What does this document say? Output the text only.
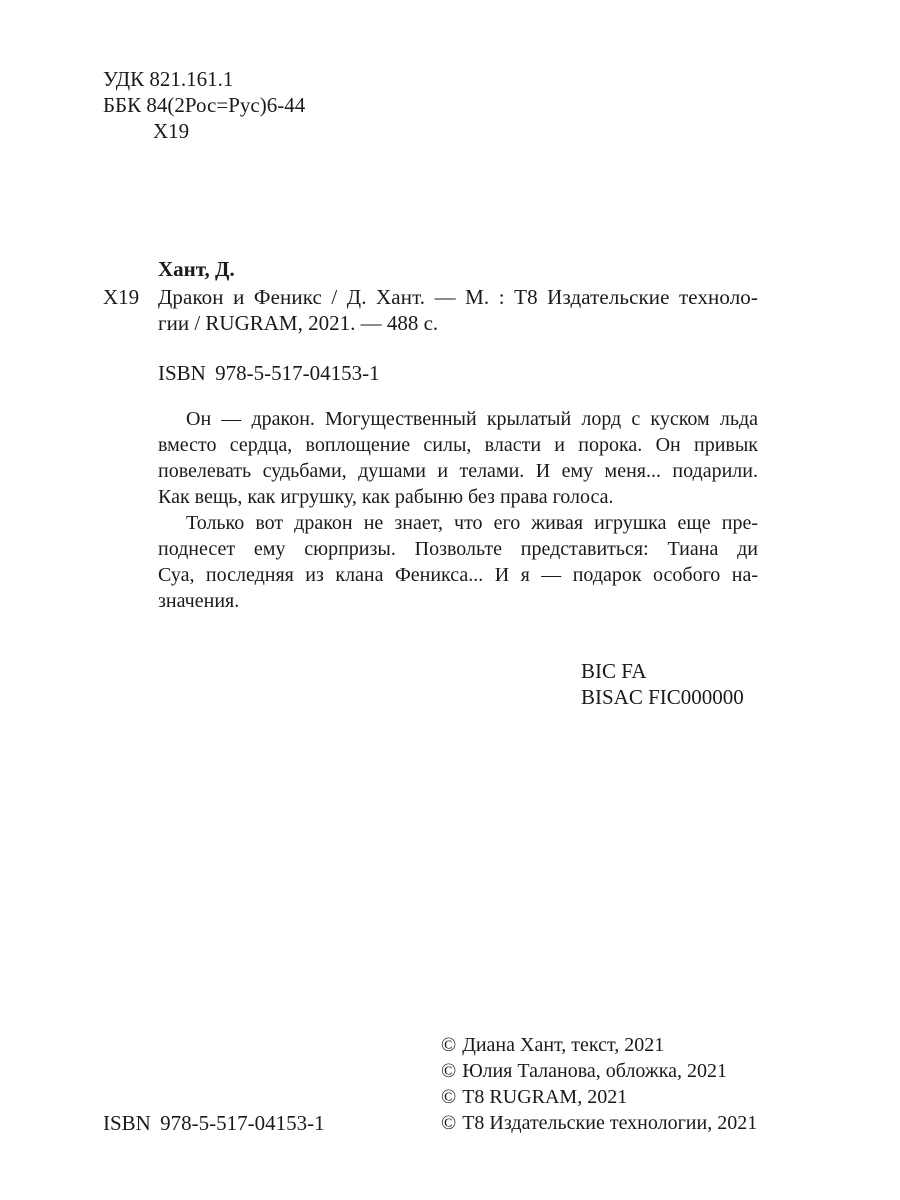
УДК 821.161.1
ББК 84(2Рос=Рус)6-44
Х19
Хант, Д.
Х19 Дракон и Феникс / Д. Хант. — М. : Т8 Издательские техноло-
гии / RUGRAM, 2021. — 488 с.
ISBN 978-5-517-04153-1
Он — дракон. Могущественный крылатый лорд с куском льда
вместо сердца, воплощение силы, власти и порока. Он привык
повелевать судьбами, душами и телами. И ему меня... подарили.
Как вещь, как игрушку, как рабыню без права голоса.
Только вот дракон не знает, что его живая игрушка еще пре-
поднесет ему сюрпризы. Позвольте представиться: Тиана ди
Суа, последняя из клана Феникса... И я — подарок особого на-
значения.
BIC FA
BISAC FIC000000
© Диана Хант, текст, 2021
© Юлия Таланова, обложка, 2021
© Т8 RUGRAM, 2021
© Т8 Издательские технологии, 2021
ISBN 978-5-517-04153-1
